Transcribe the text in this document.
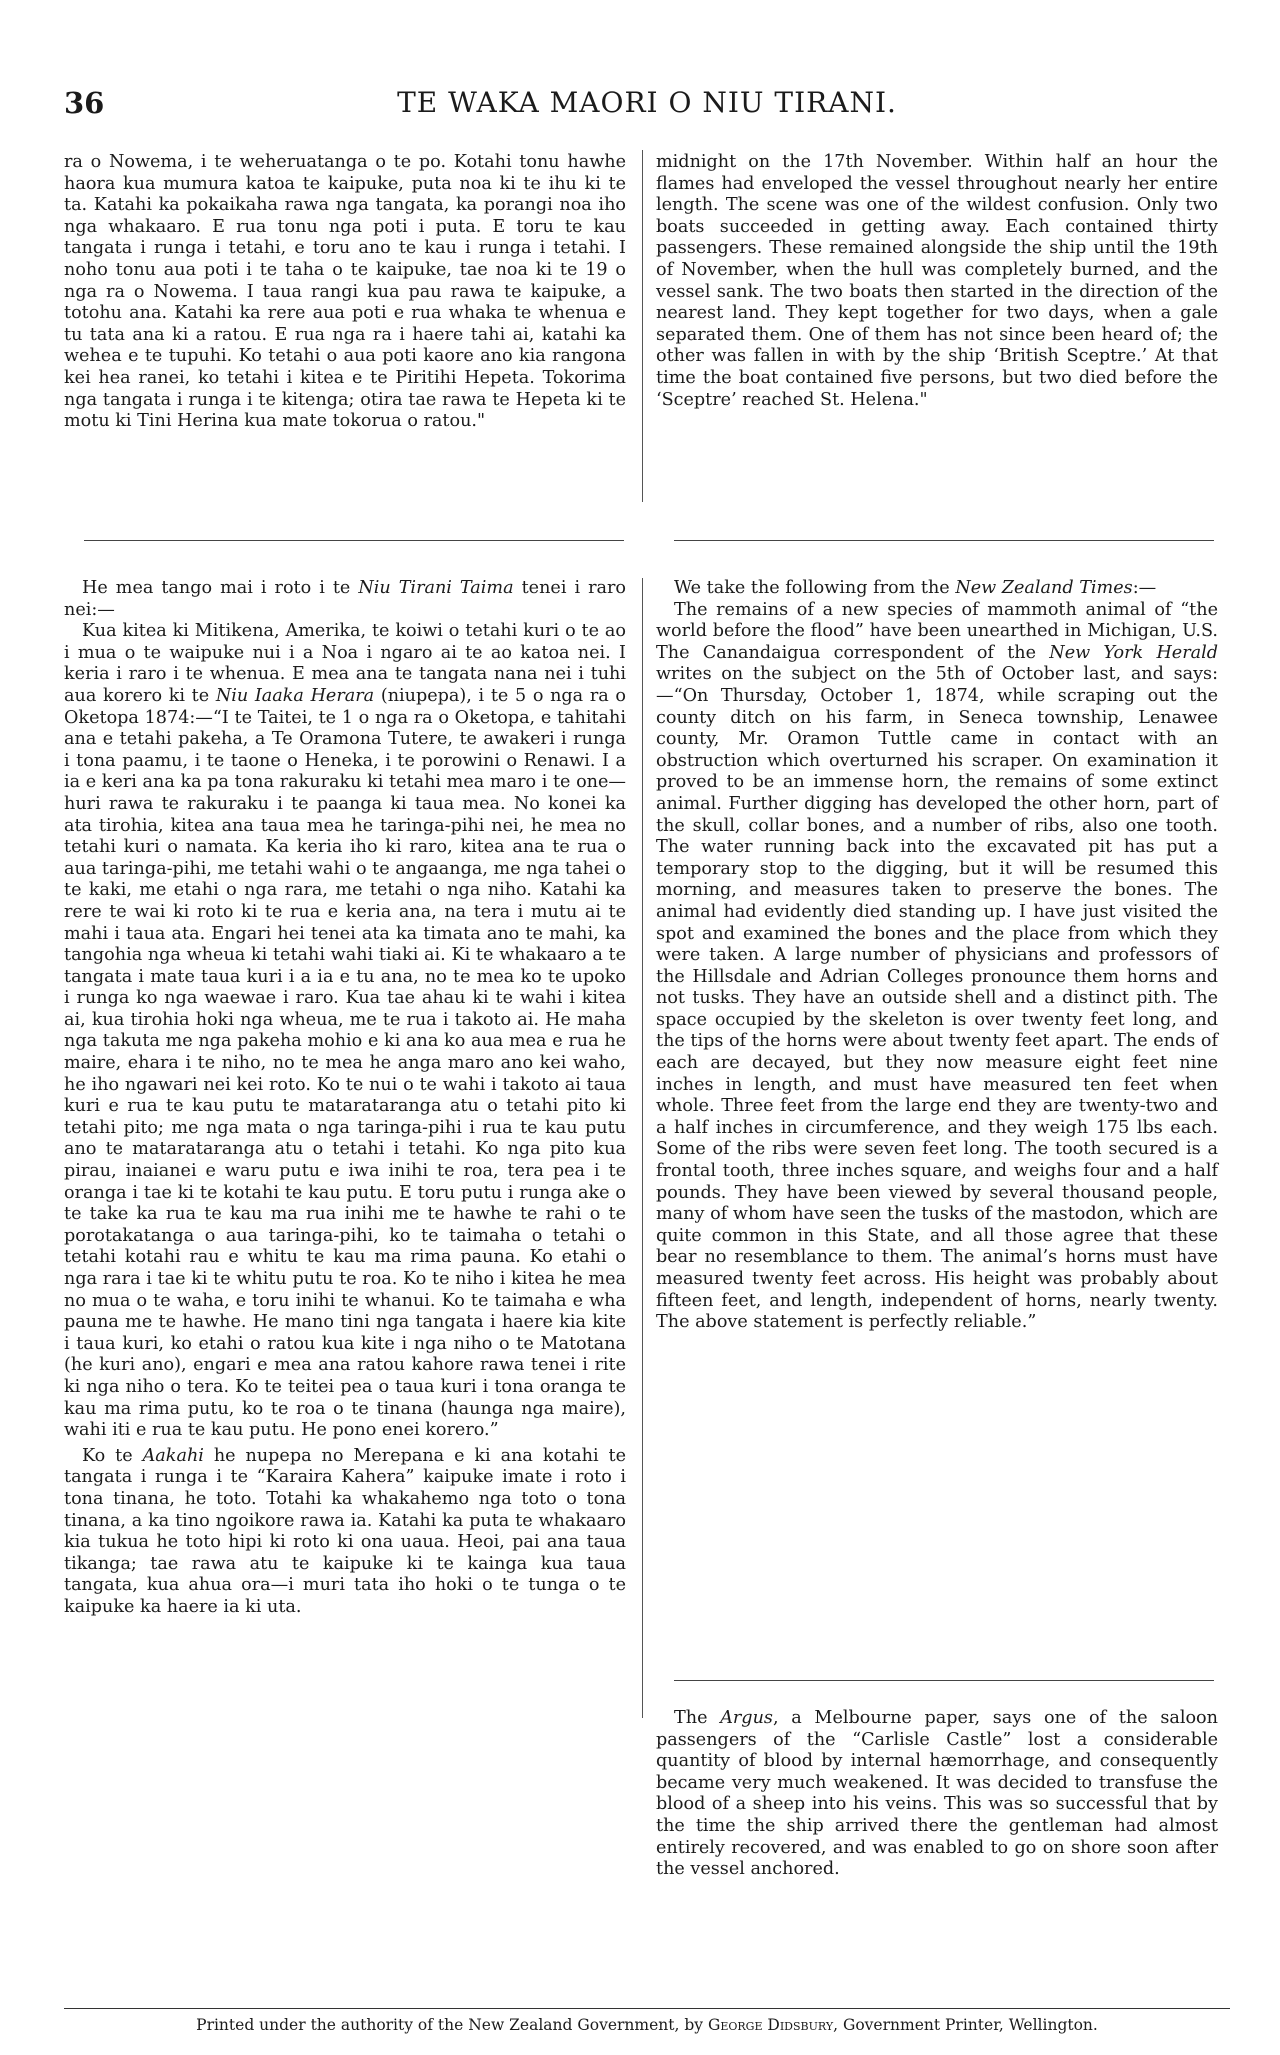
36	TE WAKA MAORI O NIU TIRANI.

ra o Nowema, i te weheruatanga o te po. Kotahi tonu hawhe haora kua mumura katoa te kaipuke, puta noa ki te ihu ki te ta. Katahi ka pokaikaha rawa nga tangata, ka porangi noa iho nga whakaaro. E rua tonu nga poti i puta. E toru te kau tangata i runga i tetahi, e toru ano te kau i runga i tetahi. I noho tonu aua poti i te taha o te kaipuke, tae noa ki te 19 o nga ra o Nowema. I taua rangi kua pau rawa te kaipuke, a totohu ana. Katahi ka rere aua poti e rua whaka te whenua e tu tata ana ki a ratou. E rua nga ra i haere tahi ai, katahi ka wehea e te tupuhi. Ko tetahi o aua poti kaore ano kia rangona kei hea ranei, ko tetahi i kitea e te Piritihi Hepeta. Tokorima nga tangata i runga i te kitenga; otira tae rawa te Hepeta ki te motu ki Tini Herina kua mate tokorua o ratou."

midnight on the 17th November. Within half an hour the flames had enveloped the vessel throughout nearly her entire length. The scene was one of the wildest confusion. Only two boats succeeded in getting away. Each contained thirty passengers. These remained alongside the ship until the 19th of November, when the hull was completely burned, and the vessel sank. The two boats then started in the direction of the nearest land. They kept together for two days, when a gale separated them. One of them has not since been heard of; the other was fallen in with by the ship ‘British Sceptre.’ At that time the boat contained five persons, but two died before the ‘Sceptre’ reached St. Helena."

He mea tango mai i roto i te Niu Tirani Taima tenei i raro nei:—

Kua kitea ki Mitikena, Amerika, te koiwi o tetahi kuri o te ao i mua o te waipuke nui i a Noa i ngaro ai te ao katoa nei. I keria i raro i te whenua. E mea ana te tangata nana nei i tuhi aua korero ki te Niu Iaaka Herara (niupepa), i te 5 o nga ra o Oketopa 1874:—“I te Taitei, te 1 o nga ra o Oketopa, e tahitahi ana e tetahi pakeha, a Te Oramona Tutere, te awakeri i runga i tona paamu, i te taone o Heneka, i te porowini o Renawi. I a ia e keri ana ka pa tona rakuraku ki tetahi mea maro i te one—huri rawa te rakuraku i te paanga ki taua mea. No konei ka ata tirohia, kitea ana taua mea he taringa-pihi nei, he mea no tetahi kuri o namata. Ka keria iho ki raro, kitea ana te rua o aua taringa-pihi, me tetahi wahi o te angaanga, me nga tahei o te kaki, me etahi o nga rara, me tetahi o nga niho. Katahi ka rere te wai ki roto ki te rua e keria ana, na tera i mutu ai te mahi i taua ata. Engari hei tenei ata ka timata ano te mahi, ka tangohia nga wheua ki tetahi wahi tiaki ai. Ki te whakaaro a te tangata i mate taua kuri i a ia e tu ana, no te mea ko te upoko i runga ko nga waewae i raro. Kua tae ahau ki te wahi i kitea ai, kua tirohia hoki nga wheua, me te rua i takoto ai. He maha nga takuta me nga pakeha mohio e ki ana ko aua mea e rua he maire, ehara i te niho, no te mea he anga maro ano kei waho, he iho ngawari nei kei roto. Ko te nui o te wahi i takoto ai taua kuri e rua te kau putu te matarataranga atu o tetahi pito ki tetahi pito; me nga mata o nga taringa-pihi i rua te kau putu ano te matarataranga atu o tetahi i tetahi. Ko nga pito kua pirau, inaianei e waru putu e iwa inihi te roa, tera pea i te oranga i tae ki te kotahi te kau putu. E toru putu i runga ake o te take ka rua te kau ma rua inihi me te hawhe te rahi o te porotakatanga o aua taringa-pihi, ko te taimaha o tetahi o tetahi kotahi rau e whitu te kau ma rima pauna. Ko etahi o nga rara i tae ki te whitu putu te roa. Ko te niho i kitea he mea no mua o te waha, e toru inihi te whanui. Ko te taimaha e wha pauna me te hawhe. He mano tini nga tangata i haere kia kite i taua kuri, ko etahi o ratou kua kite i nga niho o te Matotana (he kuri ano), engari e mea ana ratou kahore rawa tenei i rite ki nga niho o tera. Ko te teitei pea o taua kuri i tona oranga te kau ma rima putu, ko te roa o te tinana (haunga nga maire), wahi iti e rua te kau putu. He pono enei korero.”

Ko te Aakahi he nupepa no Merepana e ki ana kotahi te tangata i runga i te “Karaira Kahera” kaipuke imate i roto i tona tinana, he toto. Totahi ka whakahemo nga toto o tona tinana, a ka tino ngoikore rawa ia. Katahi ka puta te whakaaro kia tukua he toto hipi ki roto ki ona uaua. Heoi, pai ana taua tikanga; tae rawa atu te kaipuke ki te kainga kua taua tangata, kua ahua ora—i muri tata iho hoki o te tunga o te kaipuke ka haere ia ki uta.

We take the following from the New Zealand Times:—

The remains of a new species of mammoth animal of “the world before the flood” have been unearthed in Michigan, U.S. The Canandaigua correspondent of the New York Herald writes on the subject on the 5th of October last, and says:—“On Thursday, October 1, 1874, while scraping out the county ditch on his farm, in Seneca township, Lenawee county, Mr. Oramon Tuttle came in contact with an obstruction which overturned his scraper. On examination it proved to be an immense horn, the remains of some extinct animal. Further digging has developed the other horn, part of the skull, collar bones, and a number of ribs, also one tooth. The water running back into the excavated pit has put a temporary stop to the digging, but it will be resumed this morning, and measures taken to preserve the bones. The animal had evidently died standing up. I have just visited the spot and examined the bones and the place from which they were taken. A large number of physicians and professors of the Hillsdale and Adrian Colleges pronounce them horns and not tusks. They have an outside shell and a distinct pith. The space occupied by the skeleton is over twenty feet long, and the tips of the horns were about twenty feet apart. The ends of each are decayed, but they now measure eight feet nine inches in length, and must have measured ten feet when whole. Three feet from the large end they are twenty-two and a half inches in circumference, and they weigh 175 lbs each. Some of the ribs were seven feet long. The tooth secured is a frontal tooth, three inches square, and weighs four and a half pounds. They have been viewed by several thousand people, many of whom have seen the tusks of the mastodon, which are quite common in this State, and all those agree that these bear no resemblance to them. The animal’s horns must have measured twenty feet across. His height was probably about fifteen feet, and length, independent of horns, nearly twenty. The above statement is perfectly reliable.”

The Argus, a Melbourne paper, says one of the saloon passengers of the “Carlisle Castle” lost a considerable quantity of blood by internal hæmorrhage, and consequently became very much weakened. It was decided to transfuse the blood of a sheep into his veins. This was so successful that by the time the ship arrived there the gentleman had almost entirely recovered, and was enabled to go on shore soon after the vessel anchored.

Printed under the authority of the New Zealand Government, by George Didsbury, Government Printer, Wellington.
